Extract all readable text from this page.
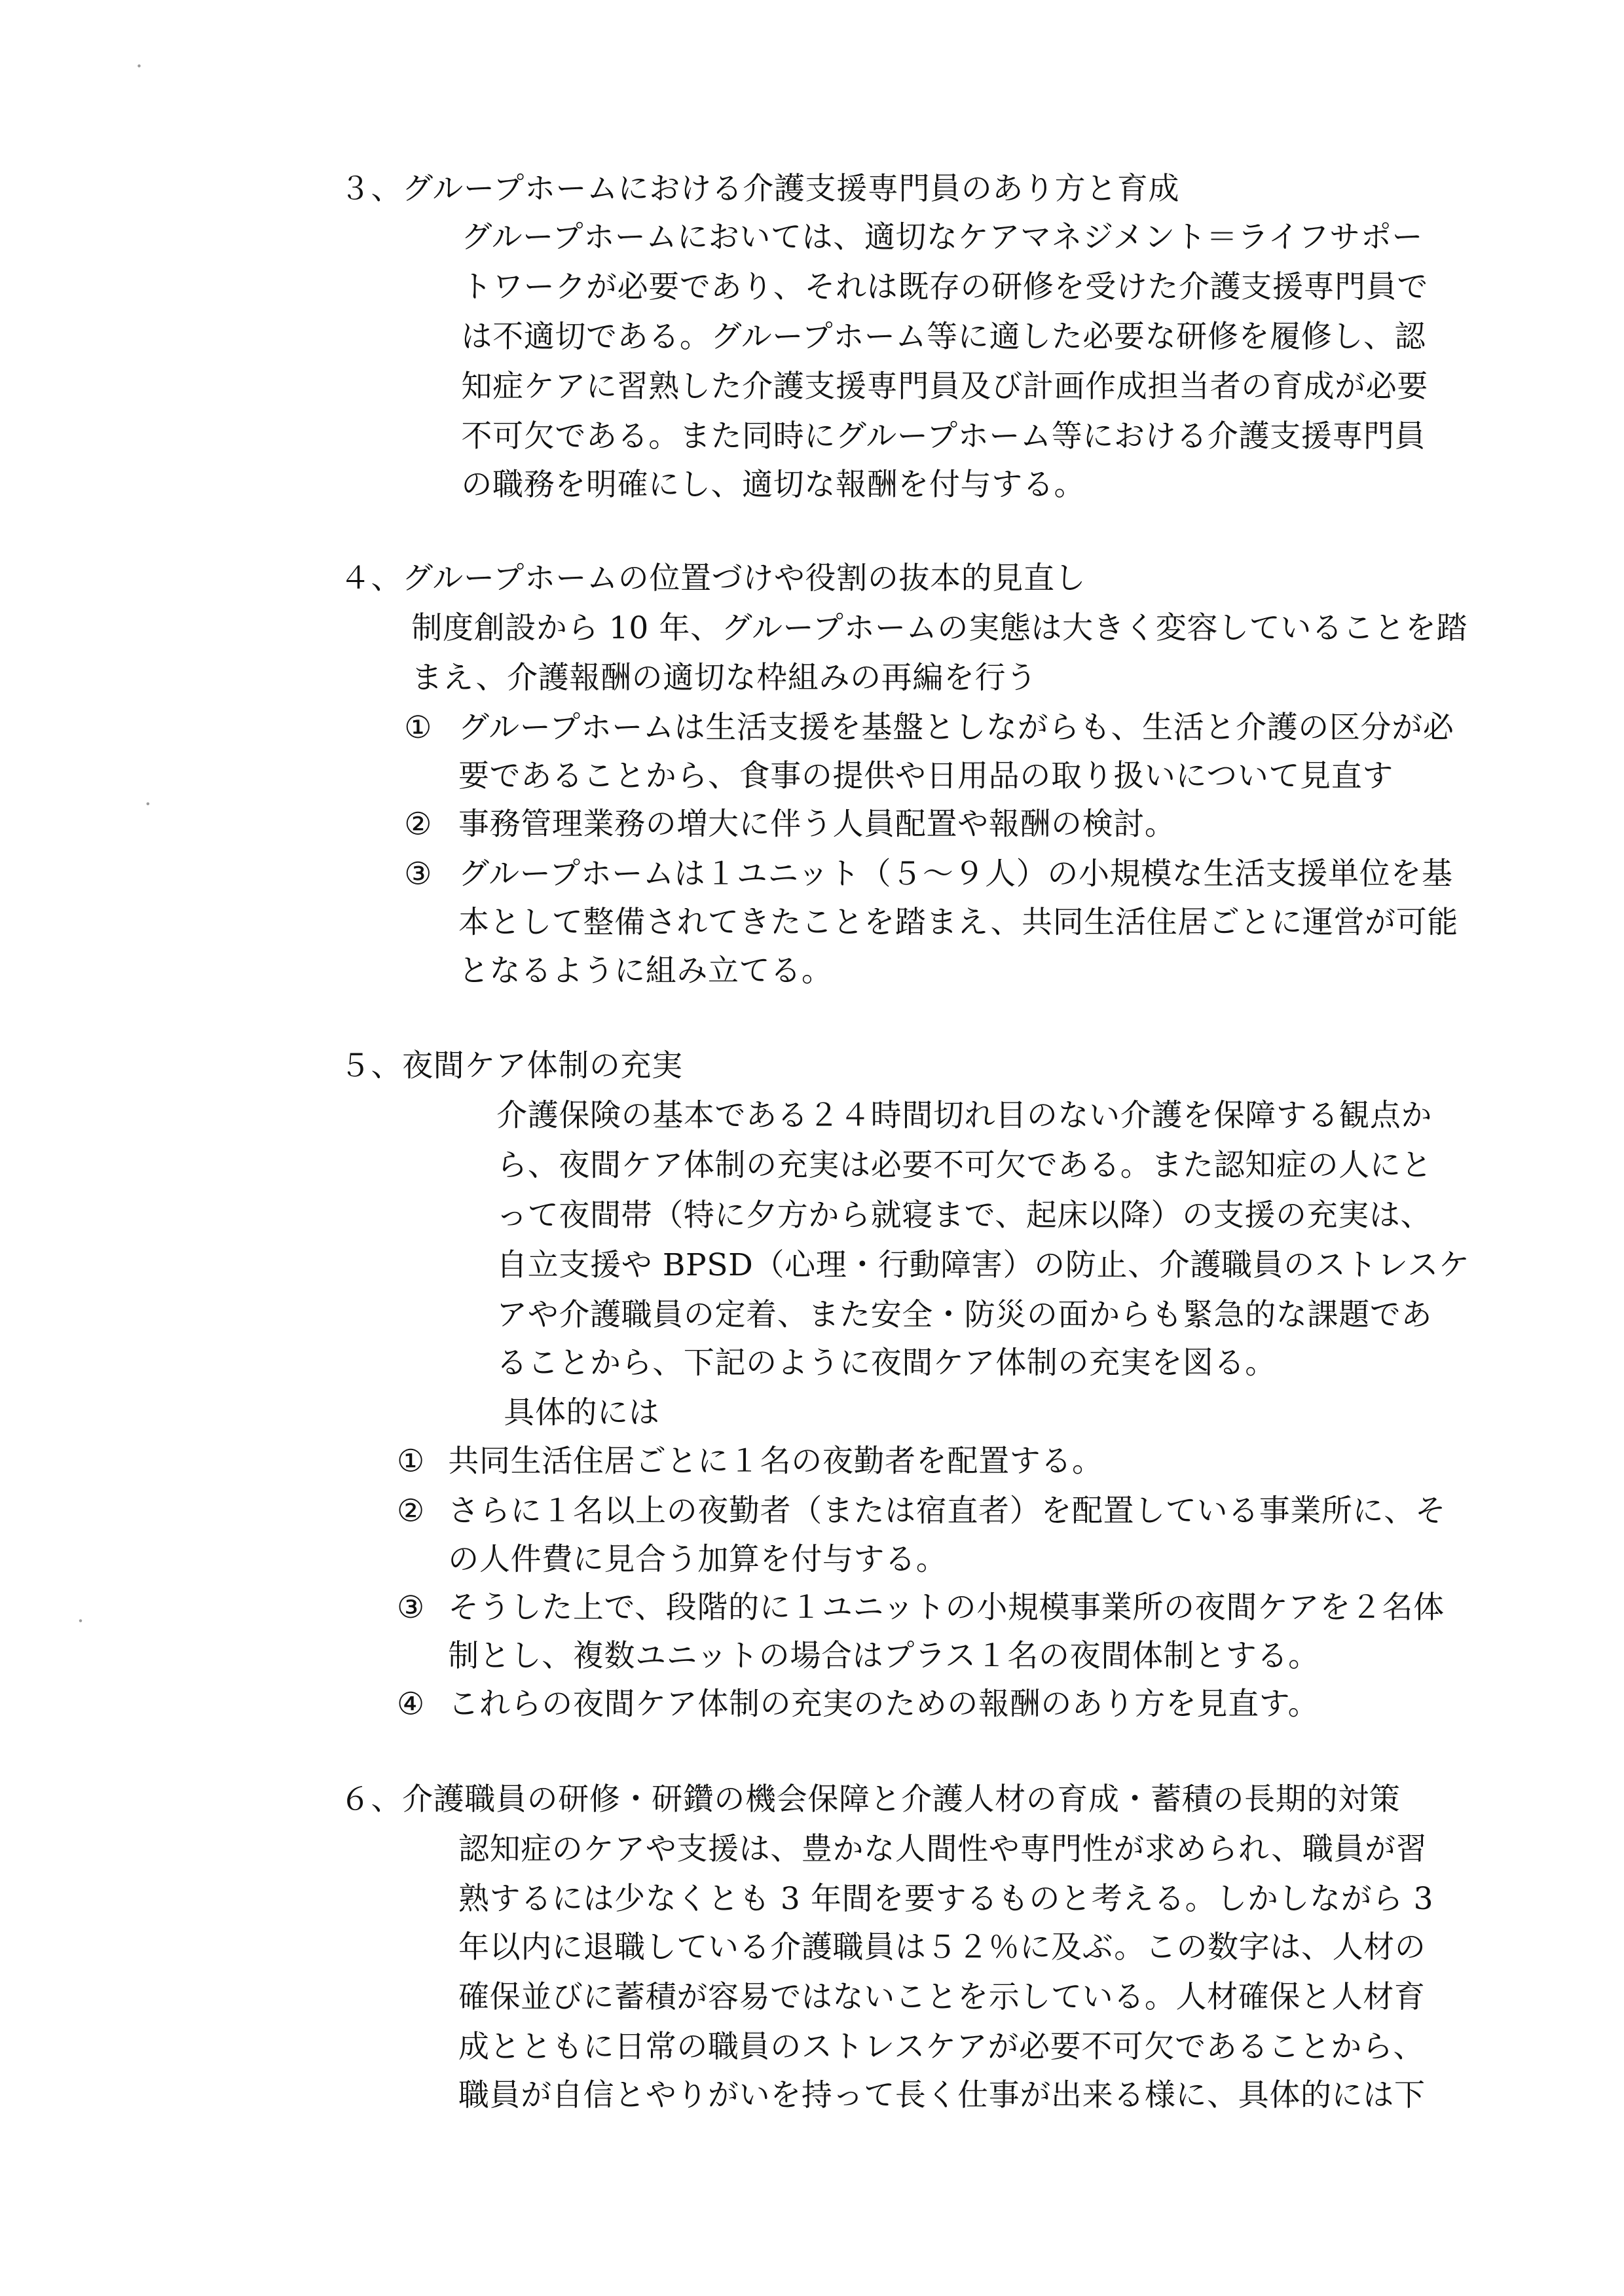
３、グループホームにおける介護支援専門員のあり方と育成

グループホームにおいては、適切なケアマネジメント＝ライフサポー

トワークが必要であり、それは既存の研修を受けた介護支援専門員で

は不適切である。グループホーム等に適した必要な研修を履修し、認

知症ケアに習熟した介護支援専門員及び計画作成担当者の育成が必要

不可欠である。また同時にグループホーム等における介護支援専門員

の職務を明確にし、適切な報酬を付与する。

４、グループホームの位置づけや役割の抜本的見直し

制度創設から 10 年、グループホームの実態は大きく変容していることを踏

まえ、介護報酬の適切な枠組みの再編を行う

① グループホームは生活支援を基盤としながらも、生活と介護の区分が必

要であることから、食事の提供や日用品の取り扱いについて見直す

② 事務管理業務の増大に伴う人員配置や報酬の検討。

③ グループホームは１ユニット（５～９人）の小規模な生活支援単位を基

本として整備されてきたことを踏まえ、共同生活住居ごとに運営が可能

となるように組み立てる。

５、夜間ケア体制の充実

介護保険の基本である２４時間切れ目のない介護を保障する観点か

ら、夜間ケア体制の充実は必要不可欠である。また認知症の人にと

って夜間帯（特に夕方から就寝まで、起床以降）の支援の充実は、

自立支援や BPSD（心理・行動障害）の防止、介護職員のストレスケ

アや介護職員の定着、また安全・防災の面からも緊急的な課題であ

ることから、下記のように夜間ケア体制の充実を図る。

具体的には

① 共同生活住居ごとに１名の夜勤者を配置する。

② さらに１名以上の夜勤者（または宿直者）を配置している事業所に、そ

の人件費に見合う加算を付与する。

③ そうした上で、段階的に１ユニットの小規模事業所の夜間ケアを２名体

制とし、複数ユニットの場合はプラス１名の夜間体制とする。

④ これらの夜間ケア体制の充実のための報酬のあり方を見直す。

６、介護職員の研修・研鑽の機会保障と介護人材の育成・蓄積の長期的対策

認知症のケアや支援は、豊かな人間性や専門性が求められ、職員が習

熟するには少なくとも 3 年間を要するものと考える。しかしながら 3

年以内に退職している介護職員は５２％に及ぶ。この数字は、人材の

確保並びに蓄積が容易ではないことを示している。人材確保と人材育

成とともに日常の職員のストレスケアが必要不可欠であることから、

職員が自信とやりがいを持って長く仕事が出来る様に、具体的には下
